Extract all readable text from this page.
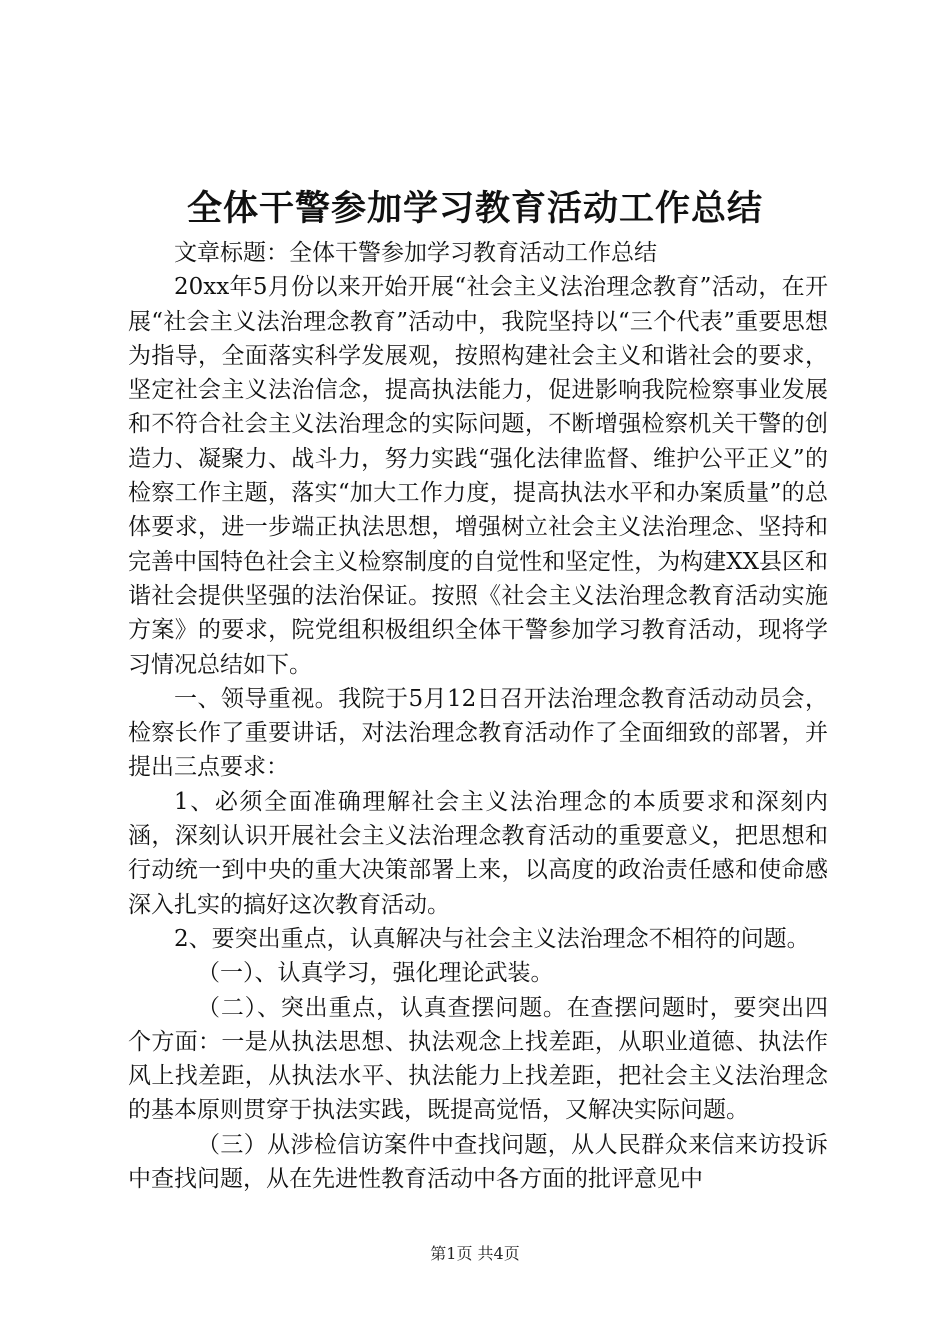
全体干警参加学习教育活动工作总结

文章标题：全体干警参加学习教育活动工作总结

20xx年5月份以来开始开展“社会主义法治理念教育”活动，在开展“社会主义法治理念教育”活动中，我院坚持以“三个代表”重要思想为指导，全面落实科学发展观，按照构建社会主义和谐社会的要求，坚定社会主义法治信念，提高执法能力，促进影响我院检察事业发展和不符合社会主义法治理念的实际问题，不断增强检察机关干警的创造力、凝聚力、战斗力，努力实践“强化法律监督、维护公平正义”的检察工作主题，落实“加大工作力度，提高执法水平和办案质量”的总体要求，进一步端正执法思想，增强树立社会主义法治理念、坚持和完善中国特色社会主义检察制度的自觉性和坚定性，为构建XX县区和谐社会提供坚强的法治保证。按照《社会主义法治理念教育活动实施方案》的要求，院党组积极组织全体干警参加学习教育活动，现将学习情况总结如下。

一、领导重视。我院于5月12日召开法治理念教育活动动员会，检察长作了重要讲话，对法治理念教育活动作了全面细致的部署，并提出三点要求：

1、必须全面准确理解社会主义法治理念的本质要求和深刻内涵，深刻认识开展社会主义法治理念教育活动的重要意义，把思想和行动统一到中央的重大决策部署上来，以高度的政治责任感和使命感深入扎实的搞好这次教育活动。

2、要突出重点，认真解决与社会主义法治理念不相符的问题。

（一）、认真学习，强化理论武装。

（二）、突出重点，认真查摆问题。在查摆问题时，要突出四个方面：一是从执法思想、执法观念上找差距，从职业道德、执法作风上找差距，从执法水平、执法能力上找差距，把社会主义法治理念的基本原则贯穿于执法实践，既提高觉悟，又解决实际问题。

（三）从涉检信访案件中查找问题，从人民群众来信来访投诉中查找问题，从在先进性教育活动中各方面的批评意见中

第1页 共4页
